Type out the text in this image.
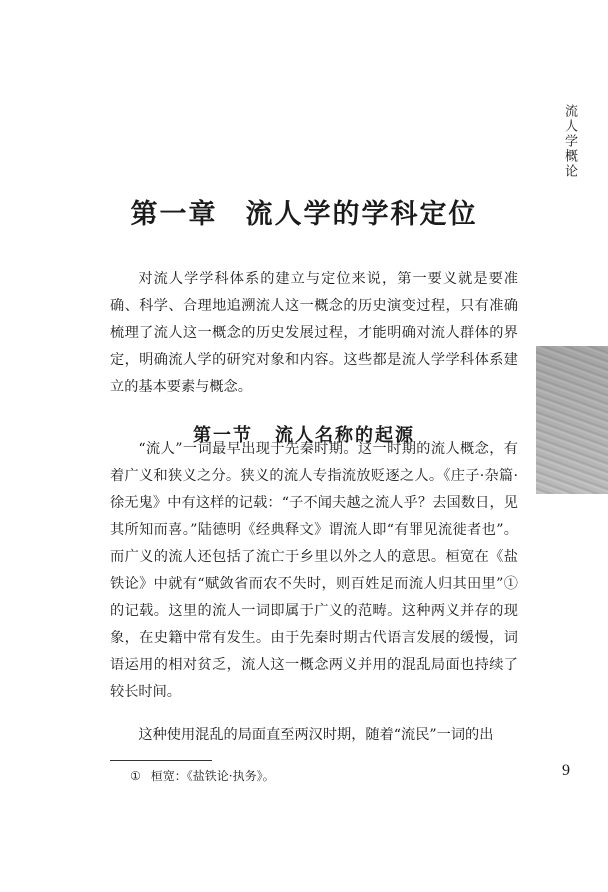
流人学概论
第一章 流人学的学科定位

对流人学学科体系的建立与定位来说，第一要义就是要准确、科学、合理地追溯流人这一概念的历史演变过程，只有准确梳理了流人这一概念的历史发展过程，才能明确对流人群体的界定，明确流人学的研究对象和内容。这些都是流人学学科体系建立的基本要素与概念。

第一节 流人名称的起源

“流人”一词最早出现于先秦时期。这一时期的流人概念，有着广义和狭义之分。狭义的流人专指流放贬逐之人。《庄子·杂篇·徐无鬼》中有这样的记载：“子不闻夫越之流人乎？去国数日，见其所知而喜。”陆德明《经典释文》谓流人即“有罪见流徙者也”。而广义的流人还包括了流亡于乡里以外之人的意思。桓宽在《盐铁论》中就有“赋敛省而农不失时，则百姓足而流人归其田里”①的记载。这里的流人一词即属于广义的范畴。这种两义并存的现象，在史籍中常有发生。由于先秦时期古代语言发展的缓慢，词语运用的相对贫乏，流人这一概念两义并用的混乱局面也持续了较长时间。

这种使用混乱的局面直至两汉时期，随着“流民”一词的出

① 桓宽：《盐铁论·执务》。	9
